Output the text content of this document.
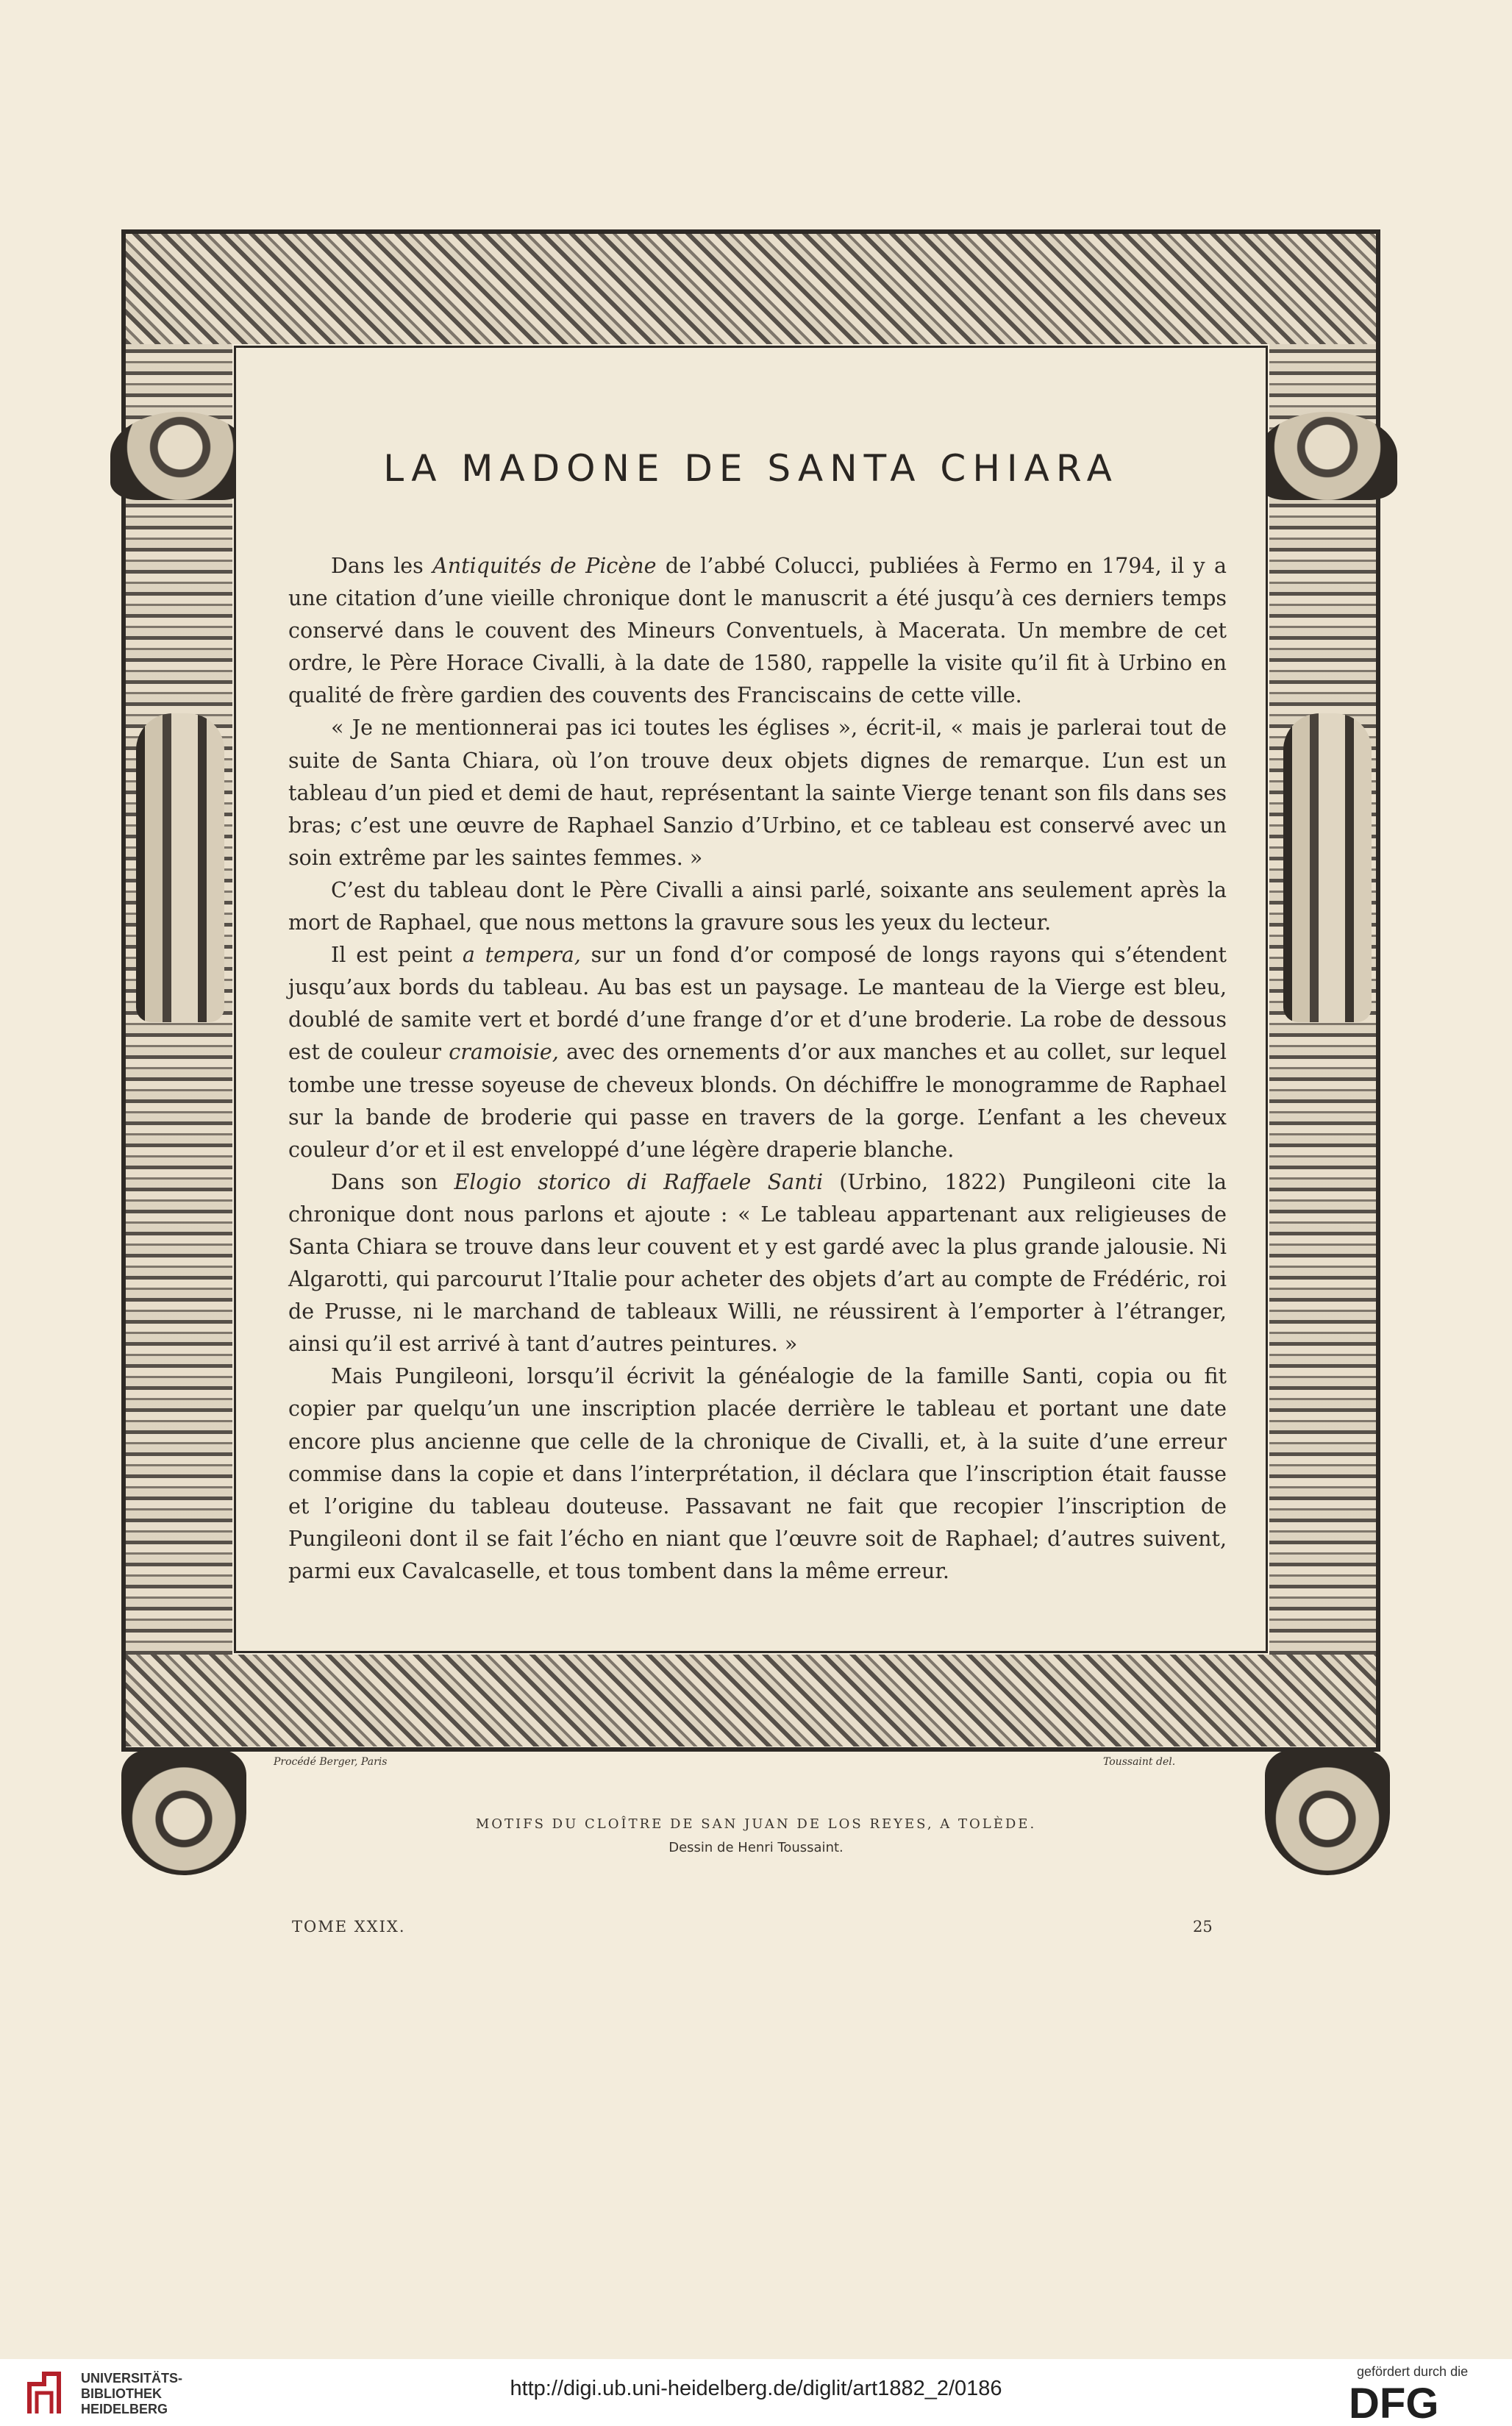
LA MADONE DE SANTA CHIARA

Dans les Antiquités de Picène de l’abbé Colucci, publiées à Fermo en 1794, il y a une citation d’une vieille chronique dont le manuscrit a été jusqu’à ces derniers temps conservé dans le couvent des Mineurs Conventuels, à Macerata. Un membre de cet ordre, le Père Horace Civalli, à la date de 1580, rappelle la visite qu’il fit à Urbino en qualité de frère gardien des couvents des Franciscains de cette ville.

« Je ne mentionnerai pas ici toutes les églises », écrit-il, « mais je parlerai tout de suite de Santa Chiara, où l’on trouve deux objets dignes de remarque. L’un est un tableau d’un pied et demi de haut, représentant la sainte Vierge tenant son fils dans ses bras; c’est une œuvre de Raphael Sanzio d’Urbino, et ce tableau est conservé avec un soin extrême par les saintes femmes. »

C’est du tableau dont le Père Civalli a ainsi parlé, soixante ans seulement après la mort de Raphael, que nous mettons la gravure sous les yeux du lecteur.

Il est peint a tempera, sur un fond d’or composé de longs rayons qui s’étendent jusqu’aux bords du tableau. Au bas est un paysage. Le manteau de la Vierge est bleu, doublé de samite vert et bordé d’une frange d’or et d’une broderie. La robe de dessous est de couleur cramoisie, avec des ornements d’or aux manches et au collet, sur lequel tombe une tresse soyeuse de cheveux blonds. On déchiffre le monogramme de Raphael sur la bande de broderie qui passe en travers de la gorge. L’enfant a les cheveux couleur d’or et il est enveloppé d’une légère draperie blanche.

Dans son Elogio storico di Raffaele Santi (Urbino, 1822) Pungileoni cite la chronique dont nous parlons et ajoute : « Le tableau appartenant aux religieuses de Santa Chiara se trouve dans leur couvent et y est gardé avec la plus grande jalousie. Ni Algarotti, qui parcourut l’Italie pour acheter des objets d’art au compte de Frédéric, roi de Prusse, ni le marchand de tableaux Willi, ne réussirent à l’emporter à l’étranger, ainsi qu’il est arrivé à tant d’autres peintures. »

Mais Pungileoni, lorsqu’il écrivit la généalogie de la famille Santi, copia ou fit copier par quelqu’un une inscription placée derrière le tableau et portant une date encore plus ancienne que celle de la chronique de Civalli, et, à la suite d’une erreur commise dans la copie et dans l’interprétation, il déclara que l’inscription était fausse et l’origine du tableau douteuse. Passavant ne fait que recopier l’inscription de Pungileoni dont il se fait l’écho en niant que l’œuvre soit de Raphael; d’autres suivent, parmi eux Cavalcaselle, et tous tombent dans la même erreur.

Procédé Berger, Paris	Toussaint del.
MOTIFS DU CLOÎTRE DE SAN JUAN DE LOS REYES, A TOLÈDE.
Dessin de Henri Toussaint.
TOME XXIX.	25
UNIVERSITÄTS-
BIBLIOTHEK
HEIDELBERG
http://digi.ub.uni-heidelberg.de/diglit/art1882_2/0186
gefördert durch die
DFG
